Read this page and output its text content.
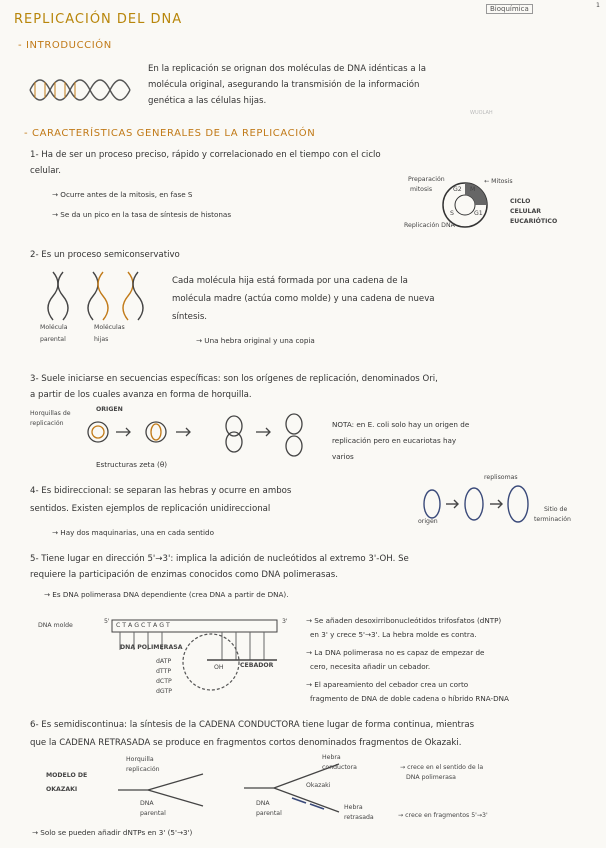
REPLICACIÓN DEL DNA
Bioquímica	1
- INTRODUCCIÓN
En la replicación se orignan dos moléculas de DNA idénticas a la
molécula original, asegurando la transmisión de la información
genética a las células hijas.
WUOLAH
- CARACTERÍSTICAS GENERALES DE LA REPLICACIÓN
1- Ha de ser un proceso preciso, rápido y correlacionado en el tiempo con el ciclo
celular.
→ Ocurre antes de la mitosis, en fase S
→ Se da un pico en la tasa de síntesis de histonas
Preparación
mitosis
← Mitosis
G2 M
S	G1
Replicación DNA
CICLO
CELULAR
EUCARIÓTICO
2- Es un proceso semiconservativo
Molécula
parental
Moléculas
hijas
Cada molécula hija está formada por una cadena de la
molécula madre (actúa como molde) y una cadena de nueva
síntesis.
→ Una hebra original y una copia
3- Suele iniciarse en secuencias específicas: son los orígenes de replicación, denominados Ori,
a partir de los cuales avanza en forma de horquilla.
Horquillas de
replicación
ORIGEN
Estructuras zeta (θ)
NOTA: en E. coli solo hay un origen de
replicación pero en eucariotas hay
varios
4- Es bidireccional: se separan las hebras y ocurre en ambos
sentidos. Existen ejemplos de replicación unidireccional
→ Hay dos maquinarias, una en cada sentido
replisomas
origen
Sitio de
terminación
5- Tiene lugar en dirección 5'→3': implica la adición de nucleótidos al extremo 3'-OH. Se
requiere la participación de enzimas conocidos como DNA polimerasas.
→ Es DNA polimerasa DNA dependiente (crea DNA a partir de DNA).
DNA molde
5'	3'
C T A G C T A G T
DNA POLIMERASA
OH	CEBADOR
dATP
dTTP
dCTP
dGTP
→ Se añaden desoxirribonucleótidos trifosfatos (dNTP)
en 3' y crece 5'→3'. La hebra molde es contra.
→ La DNA polimerasa no es capaz de empezar de
cero, necesita añadir un cebador.
→ El apareamiento del cebador crea un corto
fragmento de DNA de doble cadena o híbrido RNA-DNA
6- Es semidiscontinua: la síntesis de la CADENA CONDUCTORA tiene lugar de forma continua, mientras
que la CADENA RETRASADA se produce en fragmentos cortos denominados fragmentos de Okazaki.
MODELO DE
OKAZAKI
Horquilla
replicación
DNA
parental
Hebra
conductora
Okazaki
Hebra
retrasada
DNA
parental
→ crece en el sentido de la
DNA polimerasa
→ crece en fragmentos 5'→3'
→ Solo se pueden añadir dNTPs en 3' (5'→3')
